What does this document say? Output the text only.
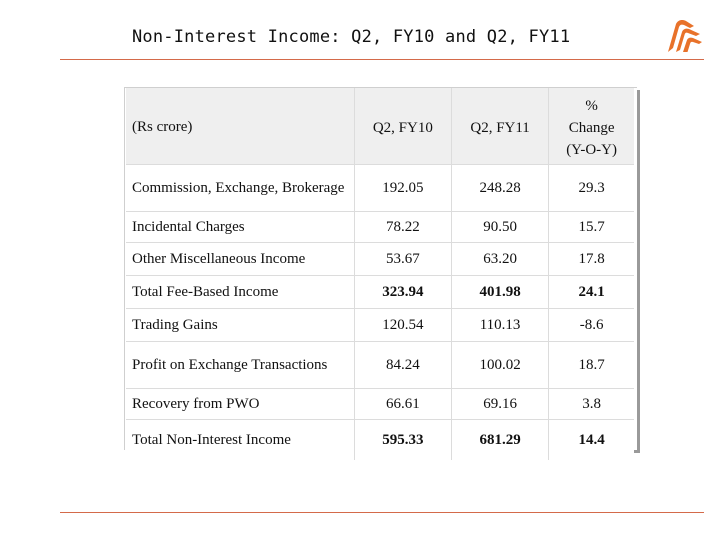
Non-Interest Income: Q2, FY10 and Q2, FY11
(Rs crore)	Q2, FY10	Q2, FY11	%
Change
(Y-O-Y)

Commission, Exchange, Brokerage	192.05	248.28	29.3
Incidental Charges	78.22	90.50	15.7
Other Miscellaneous Income	53.67	63.20	17.8
Total Fee-Based Income	323.94	401.98	24.1
Trading Gains	120.54	110.13	-8.6
Profit on Exchange Transactions	84.24	100.02	18.7
Recovery from PWO	66.61	69.16	3.8
Total Non-Interest Income	595.33	681.29	14.4
